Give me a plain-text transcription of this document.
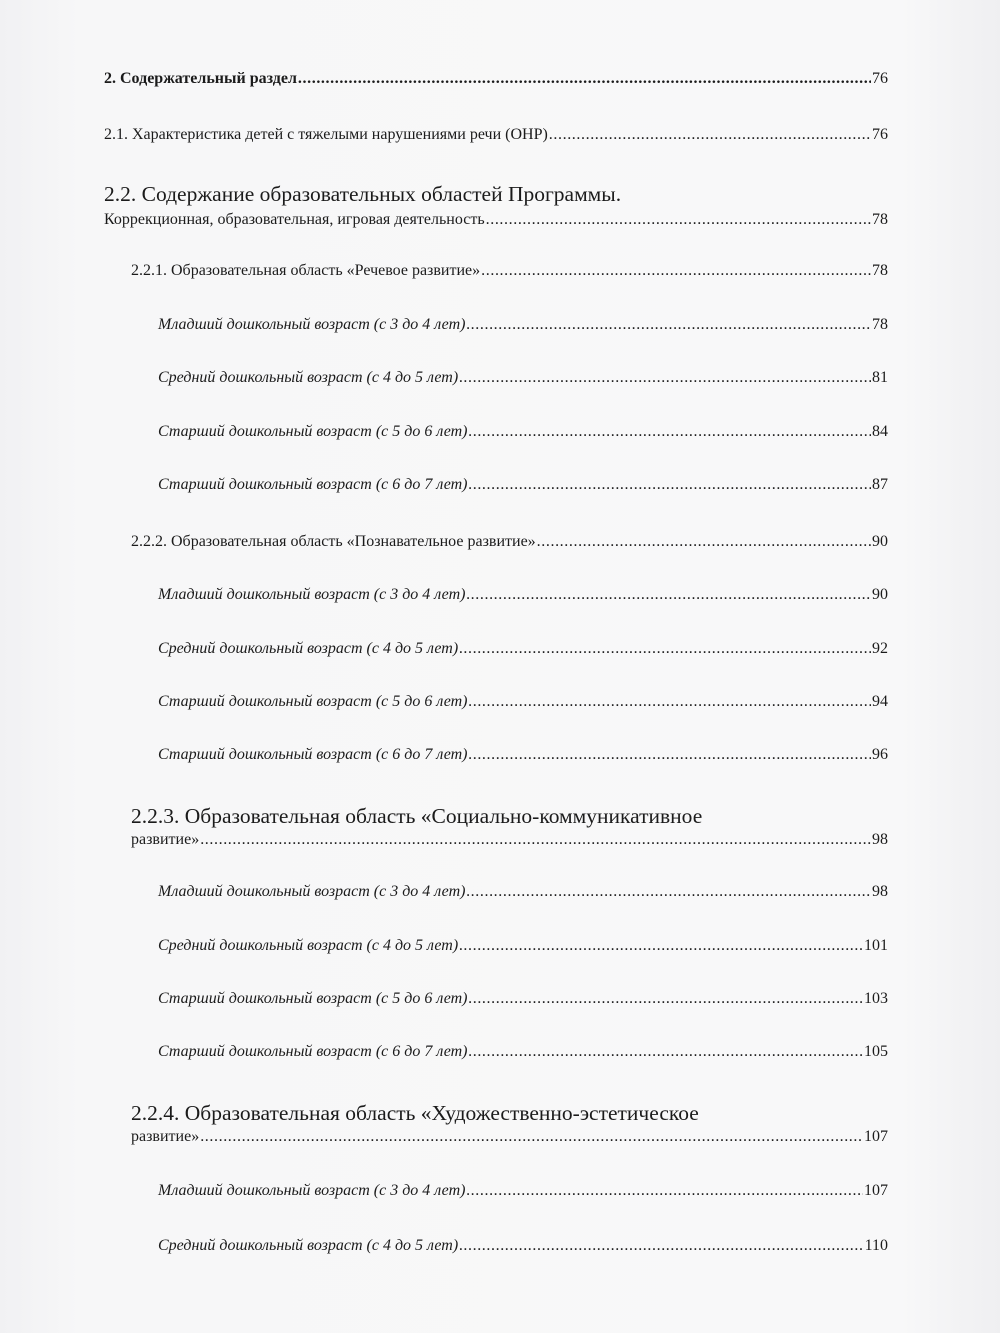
2. Содержательный раздел .....	76
2.1. Характеристика детей с тяжелыми нарушениями речи (ОНР) .....	76
2.2. Содержание образовательных областей Программы.
Коррекционная, образовательная, игровая деятельность .....	78
2.2.1. Образовательная область «Речевое развитие» .....	78
Младший дошкольный возраст (с 3 до 4 лет) .....	78
Средний дошкольный возраст (с 4 до 5 лет) .....	81
Старший дошкольный возраст (с 5 до 6 лет) .....	84
Старший дошкольный возраст (с 6 до 7 лет) .....	87
2.2.2. Образовательная область «Познавательное развитие» .....	90
Младший дошкольный возраст (с 3 до 4 лет) .....	90
Средний дошкольный возраст (с 4 до 5 лет) .....	92
Старший дошкольный возраст (с 5 до 6 лет) .....	94
Старший дошкольный возраст (с 6 до 7 лет) .....	96
2.2.3. Образовательная область «Социально-коммуникативное
развитие» .....	98
Младший дошкольный возраст (с 3 до 4 лет) .....	98
Средний дошкольный возраст (с 4 до 5 лет) .....	101
Старший дошкольный возраст (с 5 до 6 лет) .....	103
Старший дошкольный возраст (с 6 до 7 лет) .....	105
2.2.4. Образовательная область «Художественно-эстетическое
развитие» .....	107
Младший дошкольный возраст (с 3 до 4 лет) .....	107
Средний дошкольный возраст (с 4 до 5 лет) .....	110
